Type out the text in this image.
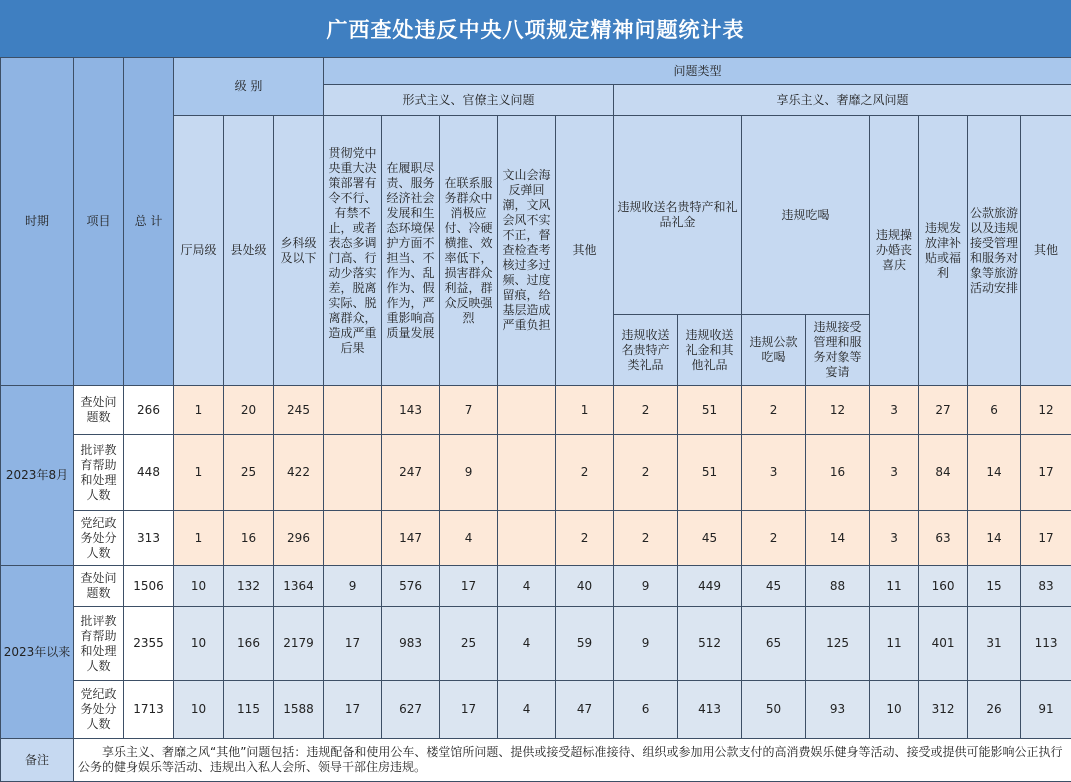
广西查处违反中央八项规定精神问题统计表
时期	项目	总 计	级 别			问题类型												
						形式主义、官僚主义问题					享乐主义、奢靡之风问题							
			厅局级	县处级	乡科级及以下	贯彻党中央重大决策部署有令不行、有禁不止，或者表态多调门高、行动少落实差，脱离实际、脱离群众，造成严重后果	在履职尽责、服务经济社会发展和生态环境保护方面不担当、不作为、乱作为、假作为，严重影响高质量发展	在联系服务群众中消极应付、冷硬横推、效率低下，损害群众利益，群众反映强烈	文山会海反弹回潮，文风会风不实不正，督查检查考核过多过频、过度留痕，给基层造成严重负担	其他	违规收送名贵特产和礼品礼金		违规吃喝		违规操办婚丧喜庆	违规发放津补贴或福利	公款旅游以及违规接受管理和服务对象等旅游活动安排	其他
											违规收送名贵特产类礼品	违规收送礼金和其他礼品	违规公款吃喝	违规接受管理和服务对象等宴请				
2023年8月	查处问题数	266	1	20	245		143	7		1	2	51	2	12	3	27	6	12
	批评教育帮助和处理人数	448	1	25	422		247	9		2	2	51	3	16	3	84	14	17
	党纪政务处分人数	313	1	16	296		147	4		2	2	45	2	14	3	63	14	17
2023年以来	查处问题数	1506	10	132	1364	9	576	17	4	40	9	449	45	88	11	160	15	83
	批评教育帮助和处理人数	2355	10	166	2179	17	983	25	4	59	9	512	65	125	11	401	31	113
	党纪政务处分人数	1713	10	115	1588	17	627	17	4	47	6	413	50	93	10	312	26	91
备注	　　享乐主义、奢靡之风“其他”问题包括：违规配备和使用公车、楼堂馆所问题、提供或接受超标准接待、组织或参加用公款支付的高消费娱乐健身等活动、接受或提供可能影响公正执行公务的健身娱乐等活动、违规出入私人会所、领导干部住房违规。																	
